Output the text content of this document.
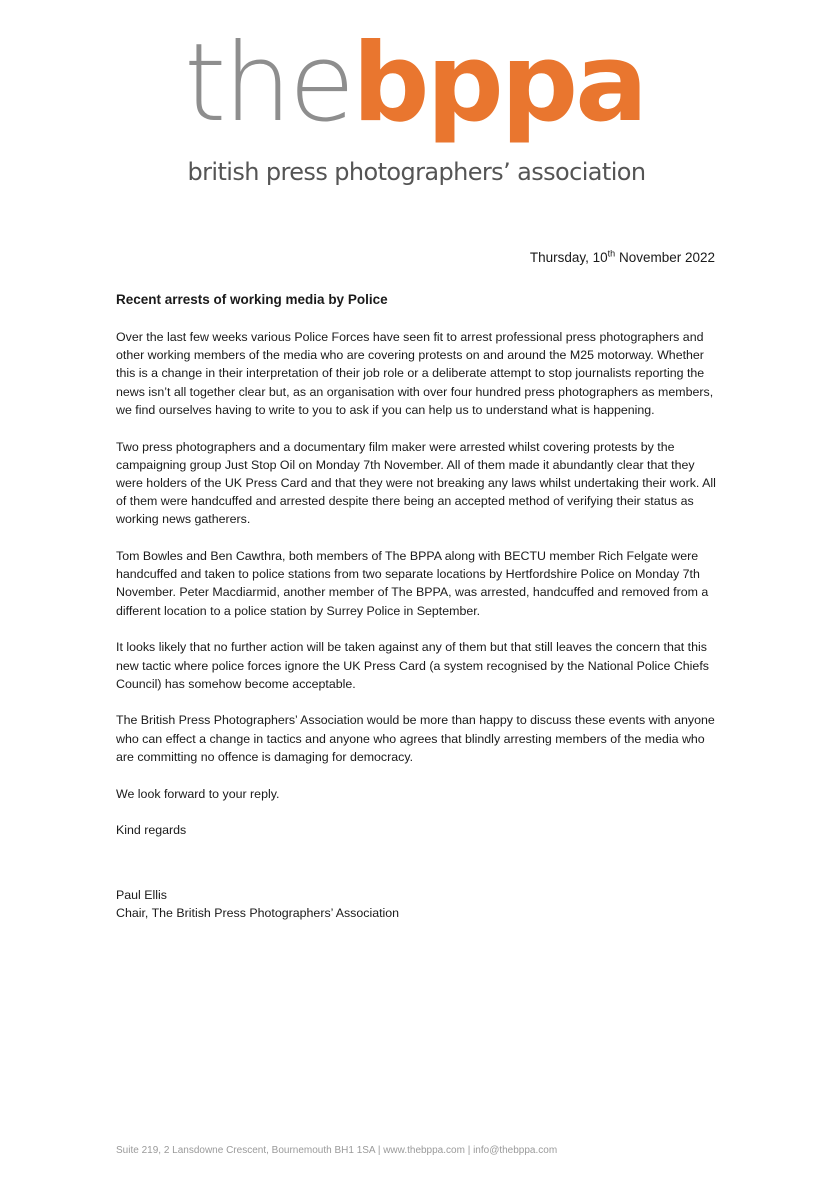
thebppa
british press photographers’ association
Thursday, 10th November 2022
Recent arrests of working media by Police

Over the last few weeks various Police Forces have seen fit to arrest professional press photographers and other working members of the media who are covering protests on and around the M25 motorway. Whether this is a change in their interpretation of their job role or a deliberate attempt to stop journalists reporting the news isn’t all together clear but, as an organisation with over four hundred press photographers as members, we find ourselves having to write to you to ask if you can help us to understand what is happening.

Two press photographers and a documentary film maker were arrested whilst covering protests by the campaigning group Just Stop Oil on Monday 7th November. All of them made it abundantly clear that they were holders of the UK Press Card and that they were not breaking any laws whilst undertaking their work. All of them were handcuffed and arrested despite there being an accepted method of verifying their status as working news gatherers.

Tom Bowles and Ben Cawthra, both members of The BPPA along with BECTU member Rich Felgate were handcuffed and taken to police stations from two separate locations by Hertfordshire Police on Monday 7th November. Peter Macdiarmid, another member of The BPPA, was arrested, handcuffed and removed from a different location to a police station by Surrey Police in September.

It looks likely that no further action will be taken against any of them but that still leaves the concern that this new tactic where police forces ignore the UK Press Card (a system recognised by the National Police Chiefs Council) has somehow become acceptable.

The British Press Photographers’ Association would be more than happy to discuss these events with anyone who can effect a change in tactics and anyone who agrees that blindly arresting members of the media who are committing no offence is damaging for democracy.

We look forward to your reply.

Kind regards

Paul Ellis
Chair, The British Press Photographers’ Association
Suite 219, 2 Lansdowne Crescent, Bournemouth BH1 1SA | www.thebppa.com | info@thebppa.com
